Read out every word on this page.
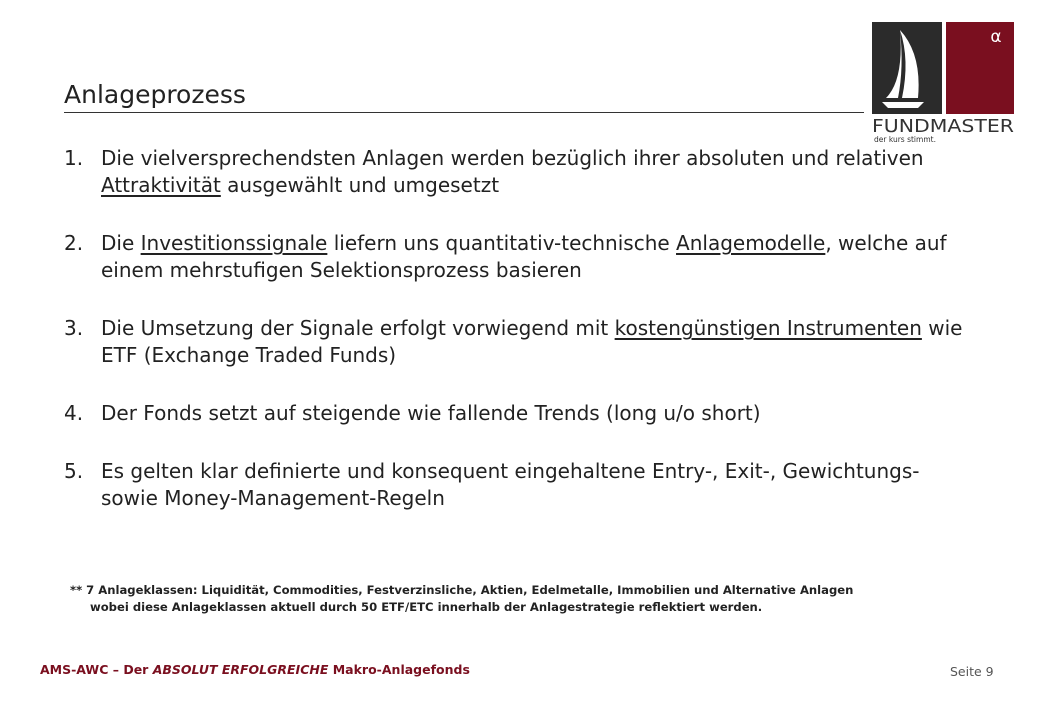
Anlageprozess
α
FUNDMASTER
der kurs stimmt.
1. Die vielversprechendsten Anlagen werden bezüglich ihrer absoluten und relativen Attraktivität ausgewählt und umgesetzt
2. Die Investitionssignale liefern uns quantitativ-technische Anlagemodelle, welche auf einem mehrstufigen Selektionsprozess basieren
3. Die Umsetzung der Signale erfolgt vorwiegend mit kostengünstigen Instrumenten wie ETF (Exchange Traded Funds)
4. Der Fonds setzt auf steigende wie fallende Trends (long u/o short)
5. Es gelten klar definierte und konsequent eingehaltene Entry-, Exit-, Gewichtungs- sowie Money-Management-Regeln
** 7 Anlageklassen: Liquidität, Commodities, Festverzinsliche, Aktien, Edelmetalle, Immobilien und Alternative Anlagen
wobei diese Anlageklassen aktuell durch 50 ETF/ETC innerhalb der Anlagestrategie reflektiert werden.
AMS-AWC – Der ABSOLUT ERFOLGREICHE Makro-Anlagefonds	Seite 9
